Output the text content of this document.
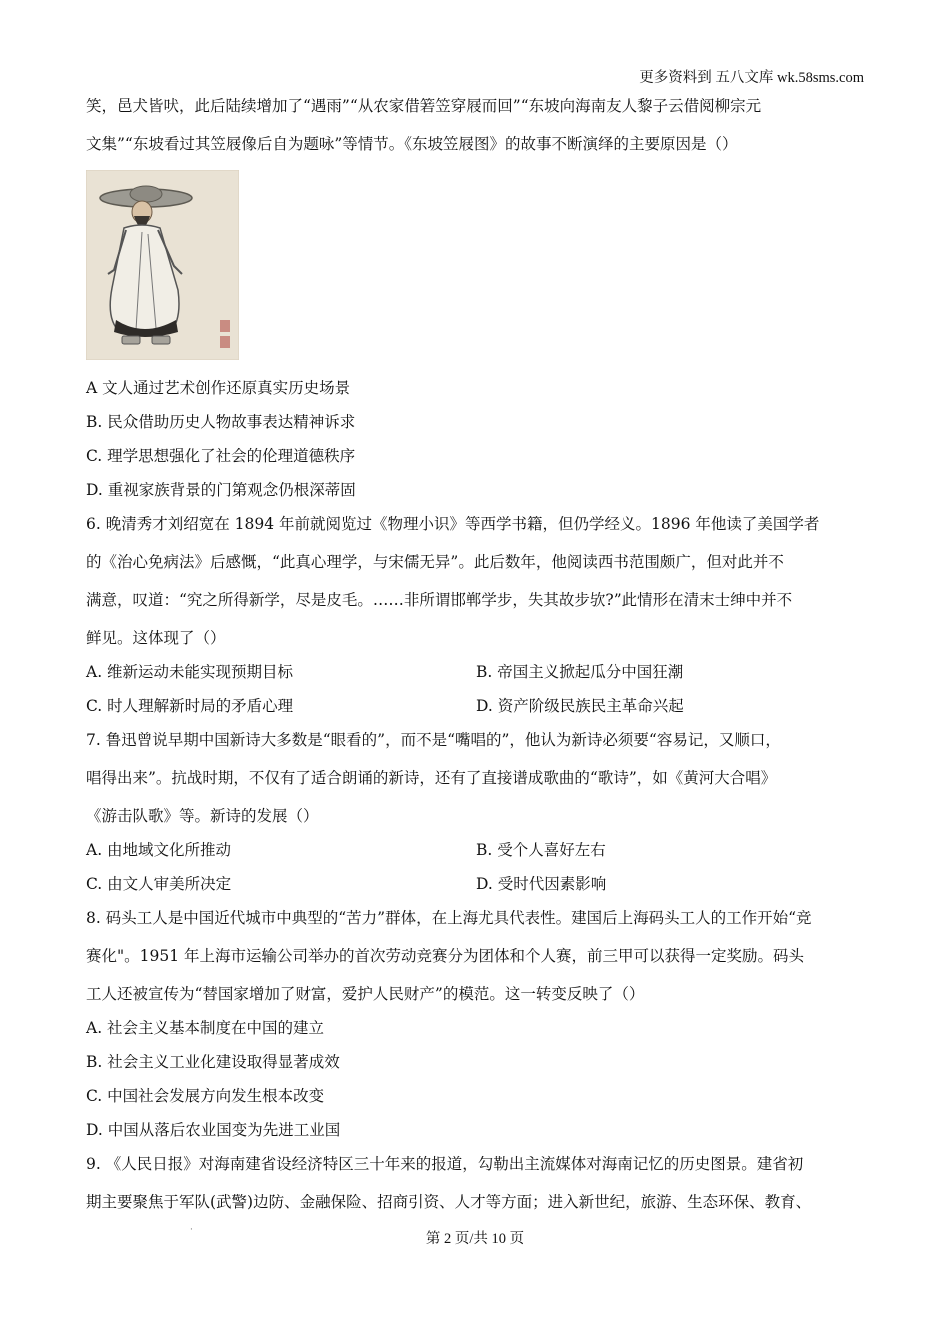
更多资料到 五八文库 wk.58sms.com
笑，邑犬皆吠，此后陆续增加了“遇雨”“从农家借箬笠穿屐而回”“东坡向海南友人黎子云借阅柳宗元
文集”“东坡看过其笠屐像后自为题咏”等情节。《东坡笠屐图》的故事不断演绎的主要原因是（）
A 文人通过艺术创作还原真实历史场景
B. 民众借助历史人物故事表达精神诉求
C. 理学思想强化了社会的伦理道德秩序
D. 重视家族背景的门第观念仍根深蒂固
6. 晚清秀才刘绍宽在 1894 年前就阅览过《物理小识》等西学书籍，但仍学经义。1896 年他读了美国学者
的《治心免病法》后感慨，“此真心理学，与宋儒无异”。此后数年，他阅读西书范围颇广，但对此并不
满意，叹道：“究之所得新学，尽是皮毛。……非所谓邯郸学步，失其故步欤?”此情形在清末士绅中并不
鲜见。这体现了（）
A. 维新运动未能实现预期目标	B. 帝国主义掀起瓜分中国狂潮
C. 时人理解新时局的矛盾心理	D. 资产阶级民族民主革命兴起
7. 鲁迅曾说早期中国新诗大多数是“眼看的”，而不是“嘴唱的”，他认为新诗必须要“容易记，又顺口，
唱得出来”。抗战时期，不仅有了适合朗诵的新诗，还有了直接谱成歌曲的“歌诗”，如《黄河大合唱》
《游击队歌》等。新诗的发展（）
A. 由地域文化所推动	B. 受个人喜好左右
C. 由文人审美所决定	D. 受时代因素影响
8. 码头工人是中国近代城市中典型的“苦力”群体，在上海尤具代表性。建国后上海码头工人的工作开始“竞
赛化"。1951 年上海市运输公司举办的首次劳动竞赛分为团体和个人赛，前三甲可以获得一定奖励。码头
工人还被宣传为“替国家增加了财富，爱护人民财产”的模范。这一转变反映了（）
A. 社会主义基本制度在中国的建立
B. 社会主义工业化建设取得显著成效
C. 中国社会发展方向发生根本改变
D. 中国从落后农业国变为先进工业国
9. 《人民日报》对海南建省设经济特区三十年来的报道，勾勒出主流媒体对海南记忆的历史图景。建省初
期主要聚焦于军队(武警)边防、金融保险、招商引资、人才等方面；进入新世纪，旅游、生态环保、教育、
·
第 2 页/共 10 页
